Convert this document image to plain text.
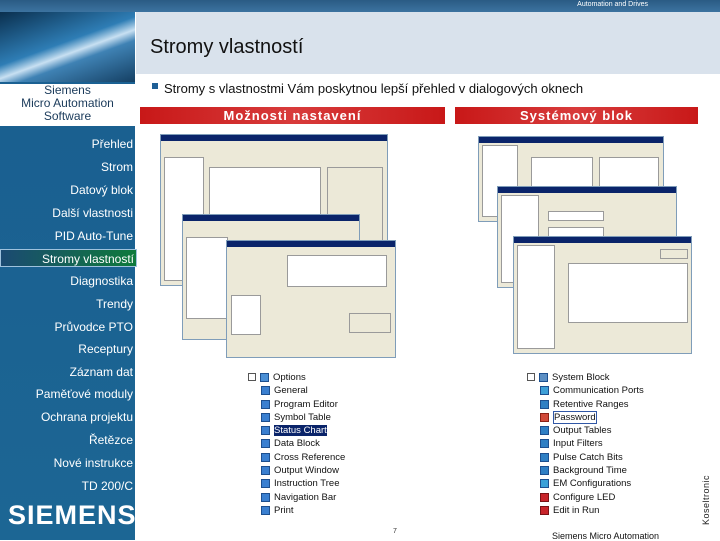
Automation and Drives
Stromy vlastností
Siemens
Micro Automation
Software
Přehled
Strom
Datový blok
Další vlastnosti
PID Auto-Tune
Stromy vlastností
Diagnostika
Trendy
Průvodce PTO
Receptury
Záznam dat
Paměťové moduly
Ochrana projektu
Řetězce
Nové instrukce
TD 200/C
SIEMENS
Stromy s vlastnostmi Vám poskytnou lepší přehled v dialogových oknech
Možnosti nastavení	Systémový blok
Options
General
Program Editor
Symbol Table
Status Chart
Data Block
Cross Reference
Output Window
Instruction Tree
Navigation Bar
Print
System Block
Communication Ports
Retentive Ranges
Password
Output Tables
Input Filters
Pulse Catch Bits
Background Time
EM Configurations
Configure LED
Edit in Run
7	Siemens Micro Automation
Koseltronic
